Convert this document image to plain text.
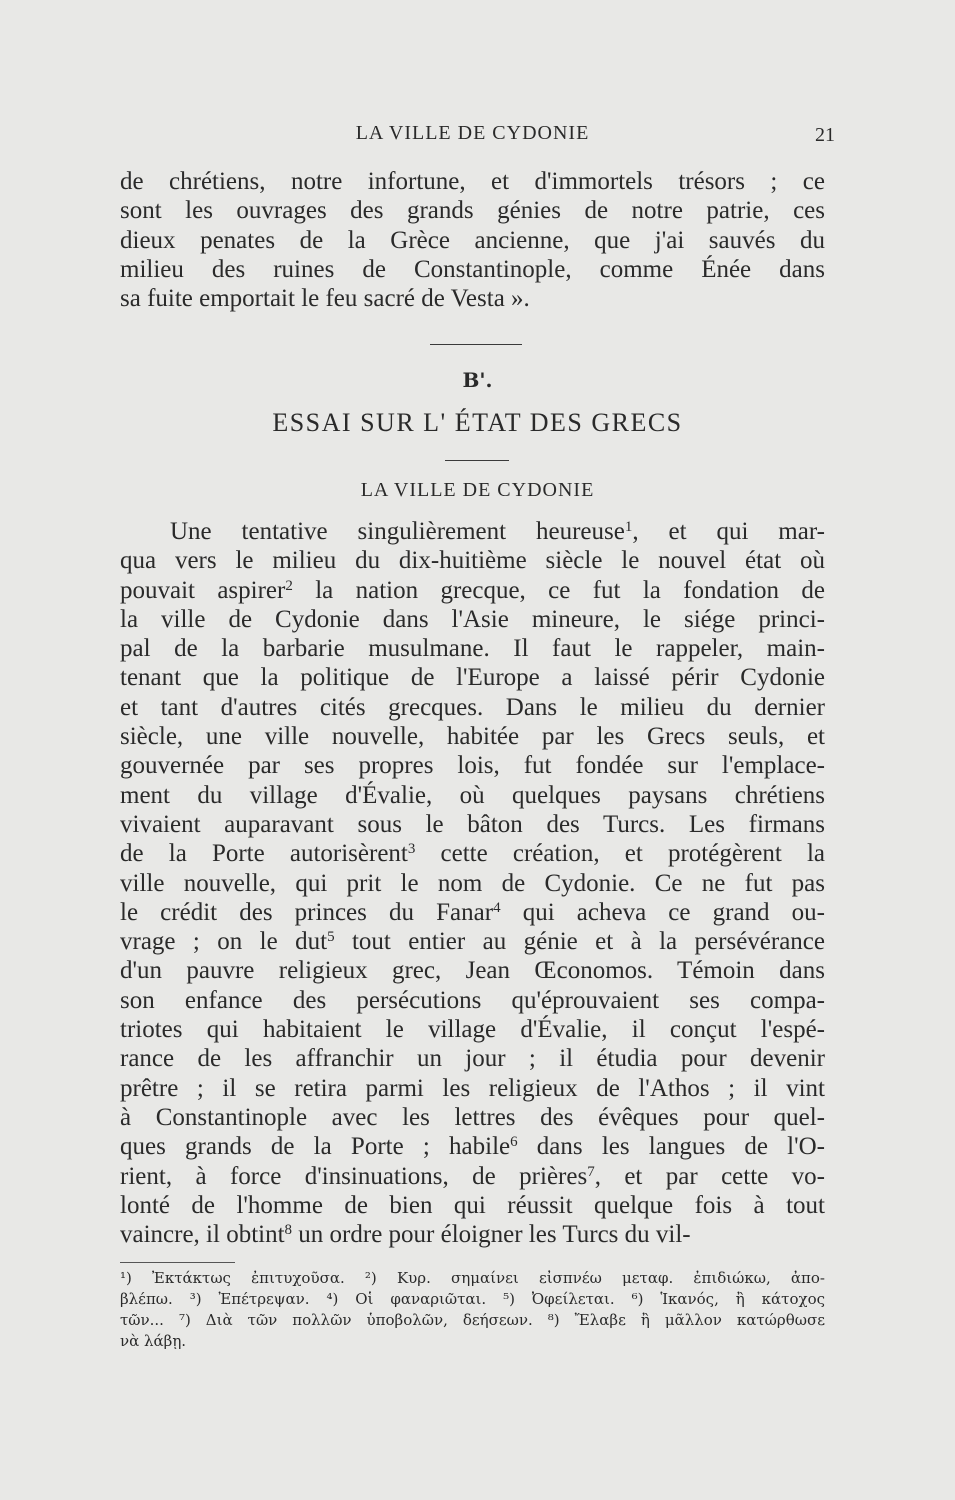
LA VILLE DE CYDONIE	21
de chrétiens, notre infortune, et d'immortels trésors ; ce
sont les ouvrages des grands génies de notre patrie, ces
dieux penates de la Grèce ancienne, que j'ai sauvés du
milieu des ruines de Constantinople, comme Énée dans
sa fuite emportait le feu sacré de Vesta ».
B'.
ESSAI SUR L' ÉTAT DES GRECS
LA VILLE DE CYDONIE
Une tentative singulièrement heureuse$^1$, et qui mar-
qua vers le milieu du dix-huitième siècle le nouvel état où
pouvait aspirer$^2$ la nation grecque, ce fut la fondation de
la ville de Cydonie dans l'Asie mineure, le siége princi-
pal de la barbarie musulmane. Il faut le rappeler, main-
tenant que la politique de l'Europe a laissé périr Cydonie
et tant d'autres cités grecques. Dans le milieu du dernier
siècle, une ville nouvelle, habitée par les Grecs seuls, et
gouvernée par ses propres lois, fut fondée sur l'emplace-
ment du village d'Évalie, où quelques paysans chrétiens
vivaient auparavant sous le bâton des Turcs. Les firmans
de la Porte autorisèrent$^3$ cette création, et protégèrent la
ville nouvelle, qui prit le nom de Cydonie. Ce ne fut pas
le crédit des princes du Fanar$^4$ qui acheva ce grand ou-
vrage ; on le dut$^5$ tout entier au génie et à la persévérance
d'un pauvre religieux grec, Jean Œconomos. Témoin dans
son enfance des persécutions qu'éprouvaient ses compa-
triotes qui habitaient le village d'Évalie, il conçut l'espé-
rance de les affranchir un jour ; il étudia pour devenir
prêtre ; il se retira parmi les religieux de l'Athos ; il vint
à Constantinople avec les lettres des évêques pour quel-
ques grands de la Porte ; habile$^6$ dans les langues de l'O-
rient, à force d'insinuations, de prières$^7$, et par cette vo-
lonté de l'homme de bien qui réussit quelque fois à tout
vaincre, il obtint$^8$ un ordre pour éloigner les Turcs du vil-
¹) Ἐκτάκτως ἐπιτυχοῦσα. ²) Κυρ. σημαίνει εἰσπνέω μεταφ. ἐπιδιώκω, ἀπο-
βλέπω. ³) Ἐπέτρεψαν. ⁴) Οἱ φαναριῶται. ⁵) Ὀφείλεται. ⁶) Ἱκανός, ἢ κάτοχος
τῶν... ⁷) Διὰ τῶν πολλῶν ὑποβολῶν, δεήσεων. ⁸) Ἔλαβε ἢ μᾶλλον κατώρθωσε
νὰ λάβῃ.
